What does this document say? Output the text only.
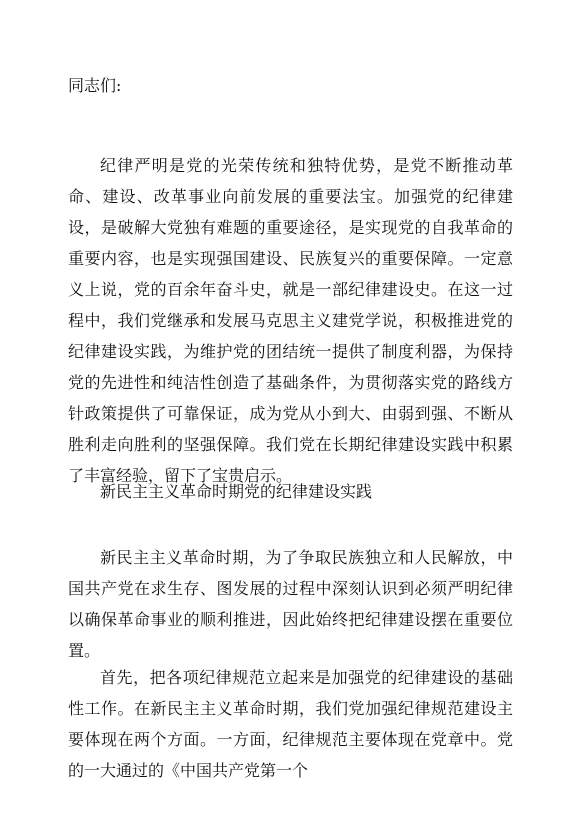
同志们:

纪律严明是党的光荣传统和独特优势，是党不断推动革命、建设、改革事业向前发展的重要法宝。加强党的纪律建设，是破解大党独有难题的重要途径，是实现党的自我革命的重要内容，也是实现强国建设、民族复兴的重要保障。一定意义上说，党的百余年奋斗史，就是一部纪律建设史。在这一过程中，我们党继承和发展马克思主义建党学说，积极推进党的纪律建设实践，为维护党的团结统一提供了制度利器，为保持党的先进性和纯洁性创造了基础条件，为贯彻落实党的路线方针政策提供了可靠保证，成为党从小到大、由弱到强、不断从胜利走向胜利的坚强保障。我们党在长期纪律建设实践中积累了丰富经验，留下了宝贵启示。

新民主主义革命时期党的纪律建设实践

新民主主义革命时期，为了争取民族独立和人民解放，中国共产党在求生存、图发展的过程中深刻认识到必须严明纪律以确保革命事业的顺利推进，因此始终把纪律建设摆在重要位置。

首先，把各项纪律规范立起来是加强党的纪律建设的基础性工作。在新民主主义革命时期，我们党加强纪律规范建设主要体现在两个方面。一方面，纪律规范主要体现在党章中。党的一大通过的《中国共产党第一个
